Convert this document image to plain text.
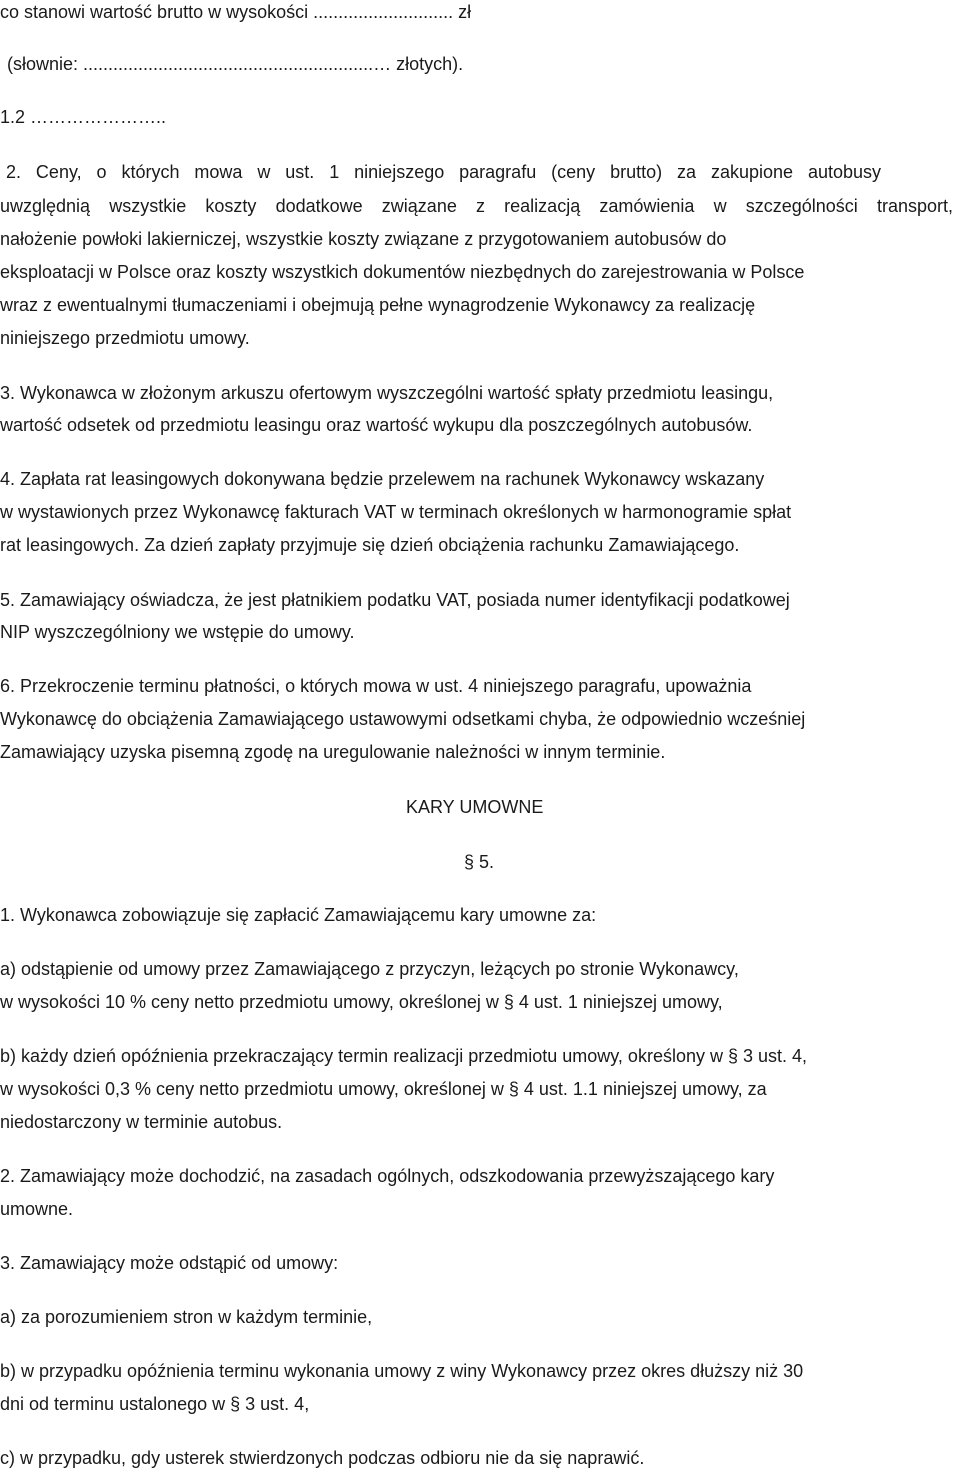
co stanowi wartość brutto w wysokości ............................ zł

(słownie: ..........................................................… złotych).

1.2 …………………..

2. Ceny, o których mowa w ust. 1 niniejszego paragrafu (ceny brutto) za zakupione autobusy

uwzględnią wszystkie koszty dodatkowe związane z realizacją zamówienia w szczególności transport,

nałożenie powłoki lakierniczej, wszystkie koszty związane z przygotowaniem autobusów do

eksploatacji w Polsce oraz koszty wszystkich dokumentów niezbędnych do zarejestrowania w Polsce

wraz z ewentualnymi tłumaczeniami i obejmują pełne wynagrodzenie Wykonawcy za realizację

niniejszego przedmiotu umowy.

3. Wykonawca w złożonym arkuszu ofertowym wyszczególni wartość spłaty przedmiotu leasingu,

wartość odsetek od przedmiotu leasingu oraz wartość wykupu dla poszczególnych autobusów.

4. Zapłata rat leasingowych dokonywana będzie przelewem na rachunek Wykonawcy wskazany

w wystawionych przez Wykonawcę fakturach VAT w terminach określonych w harmonogramie spłat

rat leasingowych. Za dzień zapłaty przyjmuje się dzień obciążenia rachunku Zamawiającego.

5. Zamawiający oświadcza, że jest płatnikiem podatku VAT, posiada numer identyfikacji podatkowej

NIP wyszczególniony we wstępie do umowy.

6. Przekroczenie terminu płatności, o których mowa w ust. 4 niniejszego paragrafu, upoważnia

Wykonawcę do obciążenia Zamawiającego ustawowymi odsetkami chyba, że odpowiednio wcześniej

Zamawiający uzyska pisemną zgodę na uregulowanie należności w innym terminie.

KARY UMOWNE

§ 5.

1. Wykonawca zobowiązuje się zapłacić Zamawiającemu kary umowne za:

a) odstąpienie od umowy przez Zamawiającego z przyczyn, leżących po stronie Wykonawcy,

w wysokości 10 % ceny netto przedmiotu umowy, określonej w § 4 ust. 1 niniejszej umowy,

b) każdy dzień opóźnienia przekraczający termin realizacji przedmiotu umowy, określony w § 3 ust. 4,

w wysokości 0,3 % ceny netto przedmiotu umowy, określonej w § 4 ust. 1.1 niniejszej umowy, za

niedostarczony w terminie autobus.

2. Zamawiający może dochodzić, na zasadach ogólnych, odszkodowania przewyższającego kary

umowne.

3. Zamawiający może odstąpić od umowy:

a) za porozumieniem stron w każdym terminie,

b) w przypadku opóźnienia terminu wykonania umowy z winy Wykonawcy przez okres dłuższy niż 30

dni od terminu ustalonego w § 3 ust. 4,

c) w przypadku, gdy usterek stwierdzonych podczas odbioru nie da się naprawić.
